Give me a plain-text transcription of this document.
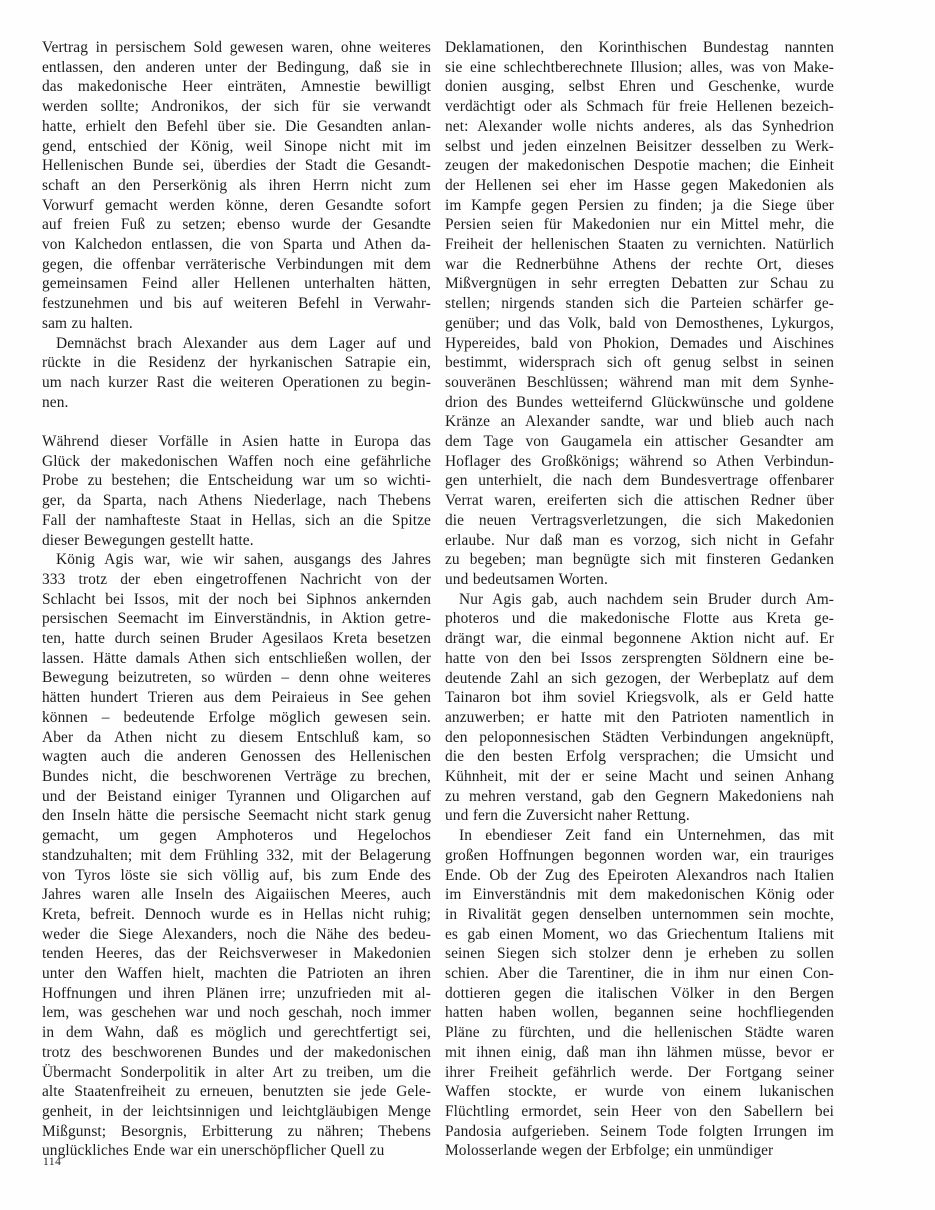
Vertrag in persischem Sold gewesen waren, ohne weiteres
entlassen, den anderen unter der Bedingung, daß sie in
das makedonische Heer einträten, Amnestie bewilligt
werden sollte; Andronikos, der sich für sie verwandt
hatte, erhielt den Befehl über sie. Die Gesandten anlan-
gend, entschied der König, weil Sinope nicht mit im
Hellenischen Bunde sei, überdies der Stadt die Gesandt-
schaft an den Perserkönig als ihren Herrn nicht zum
Vorwurf gemacht werden könne, deren Gesandte sofort
auf freien Fuß zu setzen; ebenso wurde der Gesandte
von Kalchedon entlassen, die von Sparta und Athen da-
gegen, die offenbar verräterische Verbindungen mit dem
gemeinsamen Feind aller Hellenen unterhalten hätten,
festzunehmen und bis auf weiteren Befehl in Verwahr-
sam zu halten.

Demnächst brach Alexander aus dem Lager auf und
rückte in die Residenz der hyrkanischen Satrapie ein,
um nach kurzer Rast die weiteren Operationen zu begin-
nen.

Während dieser Vorfälle in Asien hatte in Europa das
Glück der makedonischen Waffen noch eine gefährliche
Probe zu bestehen; die Entscheidung war um so wichti-
ger, da Sparta, nach Athens Niederlage, nach Thebens
Fall der namhafteste Staat in Hellas, sich an die Spitze
dieser Bewegungen gestellt hatte.

König Agis war, wie wir sahen, ausgangs des Jahres
333 trotz der eben eingetroffenen Nachricht von der
Schlacht bei Issos, mit der noch bei Siphnos ankernden
persischen Seemacht im Einverständnis, in Aktion getre-
ten, hatte durch seinen Bruder Agesilaos Kreta besetzen
lassen. Hätte damals Athen sich entschließen wollen, der
Bewegung beizutreten, so würden – denn ohne weiteres
hätten hundert Trieren aus dem Peiraieus in See gehen
können – bedeutende Erfolge möglich gewesen sein.
Aber da Athen nicht zu diesem Entschluß kam, so
wagten auch die anderen Genossen des Hellenischen
Bundes nicht, die beschworenen Verträge zu brechen,
und der Beistand einiger Tyrannen und Oligarchen auf
den Inseln hätte die persische Seemacht nicht stark genug
gemacht, um gegen Amphoteros und Hegelochos
standzuhalten; mit dem Frühling 332, mit der Belagerung
von Tyros löste sie sich völlig auf, bis zum Ende des
Jahres waren alle Inseln des Aigaiischen Meeres, auch
Kreta, befreit. Dennoch wurde es in Hellas nicht ruhig;
weder die Siege Alexanders, noch die Nähe des bedeu-
tenden Heeres, das der Reichsverweser in Makedonien
unter den Waffen hielt, machten die Patrioten an ihren
Hoffnungen und ihren Plänen irre; unzufrieden mit al-
lem, was geschehen war und noch geschah, noch immer
in dem Wahn, daß es möglich und gerechtfertigt sei,
trotz des beschworenen Bundes und der makedonischen
Übermacht Sonderpolitik in alter Art zu treiben, um die
alte Staatenfreiheit zu erneuen, benutzten sie jede Gele-
genheit, in der leichtsinnigen und leichtgläubigen Menge
Mißgunst; Besorgnis, Erbitterung zu nähren; Thebens
unglückliches Ende war ein unerschöpflicher Quell zu

Deklamationen, den Korinthischen Bundestag nannten
sie eine schlechtberechnete Illusion; alles, was von Make-
donien ausging, selbst Ehren und Geschenke, wurde
verdächtigt oder als Schmach für freie Hellenen bezeich-
net: Alexander wolle nichts anderes, als das Synhedrion
selbst und jeden einzelnen Beisitzer desselben zu Werk-
zeugen der makedonischen Despotie machen; die Einheit
der Hellenen sei eher im Hasse gegen Makedonien als
im Kampfe gegen Persien zu finden; ja die Siege über
Persien seien für Makedonien nur ein Mittel mehr, die
Freiheit der hellenischen Staaten zu vernichten. Natürlich
war die Rednerbühne Athens der rechte Ort, dieses
Mißvergnügen in sehr erregten Debatten zur Schau zu
stellen; nirgends standen sich die Parteien schärfer ge-
genüber; und das Volk, bald von Demosthenes, Lykurgos,
Hypereides, bald von Phokion, Demades und Aischines
bestimmt, widersprach sich oft genug selbst in seinen
souveränen Beschlüssen; während man mit dem Synhe-
drion des Bundes wetteifernd Glückwünsche und goldene
Kränze an Alexander sandte, war und blieb auch nach
dem Tage von Gaugamela ein attischer Gesandter am
Hoflager des Großkönigs; während so Athen Verbindun-
gen unterhielt, die nach dem Bundesvertrage offenbarer
Verrat waren, ereiferten sich die attischen Redner über
die neuen Vertragsverletzungen, die sich Makedonien
erlaube. Nur daß man es vorzog, sich nicht in Gefahr
zu begeben; man begnügte sich mit finsteren Gedanken
und bedeutsamen Worten.

Nur Agis gab, auch nachdem sein Bruder durch Am-
photeros und die makedonische Flotte aus Kreta ge-
drängt war, die einmal begonnene Aktion nicht auf. Er
hatte von den bei Issos zersprengten Söldnern eine be-
deutende Zahl an sich gezogen, der Werbeplatz auf dem
Tainaron bot ihm soviel Kriegsvolk, als er Geld hatte
anzuwerben; er hatte mit den Patrioten namentlich in
den peloponnesischen Städten Verbindungen angeknüpft,
die den besten Erfolg versprachen; die Umsicht und
Kühnheit, mit der er seine Macht und seinen Anhang
zu mehren verstand, gab den Gegnern Makedoniens nah
und fern die Zuversicht naher Rettung.

In ebendieser Zeit fand ein Unternehmen, das mit
großen Hoffnungen begonnen worden war, ein trauriges
Ende. Ob der Zug des Epeiroten Alexandros nach Italien
im Einverständnis mit dem makedonischen König oder
in Rivalität gegen denselben unternommen sein mochte,
es gab einen Moment, wo das Griechentum Italiens mit
seinen Siegen sich stolzer denn je erheben zu sollen
schien. Aber die Tarentiner, die in ihm nur einen Con-
dottieren gegen die italischen Völker in den Bergen
hatten haben wollen, begannen seine hochfliegenden
Pläne zu fürchten, und die hellenischen Städte waren
mit ihnen einig, daß man ihn lähmen müsse, bevor er
ihrer Freiheit gefährlich werde. Der Fortgang seiner
Waffen stockte, er wurde von einem lukanischen
Flüchtling ermordet, sein Heer von den Sabellern bei
Pandosia aufgerieben. Seinem Tode folgten Irrungen im
Molosserlande wegen der Erbfolge; ein unmündiger

114
